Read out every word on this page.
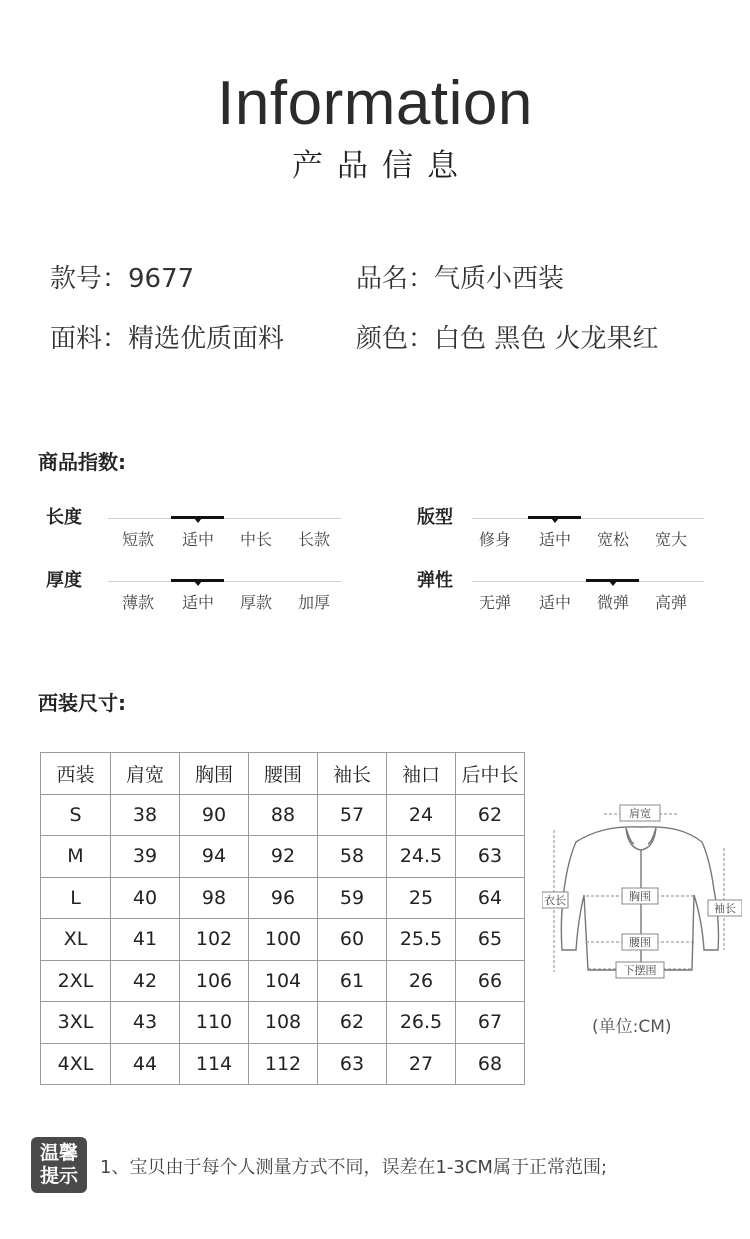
Information
产品信息
款号：9677	品名：气质小西装
面料：精选优质面料	颜色：白色 黑色 火龙果红
商品指数:
长度
短款	适中	中长	长款
版型
修身	适中	宽松	宽大
厚度
薄款	适中	厚款	加厚
弹性
无弹	适中	微弹	高弹
西装尺寸:
西装	肩宽	胸围	腰围	袖长	袖口	后中长
S	38	90	88	57	24	62
M	39	94	92	58	24.5	63
L	40	98	96	59	25	64
XL	41	102	100	60	25.5	65
2XL	42	106	104	61	26	66
3XL	43	110	108	62	26.5	67
4XL	44	114	112	63	27	68
肩宽
衣长	胸围
袖长
腰围
下摆围
(单位:CM)
温馨
提示	1、宝贝由于每个人测量方式不同，误差在1-3CM属于正常范围;
